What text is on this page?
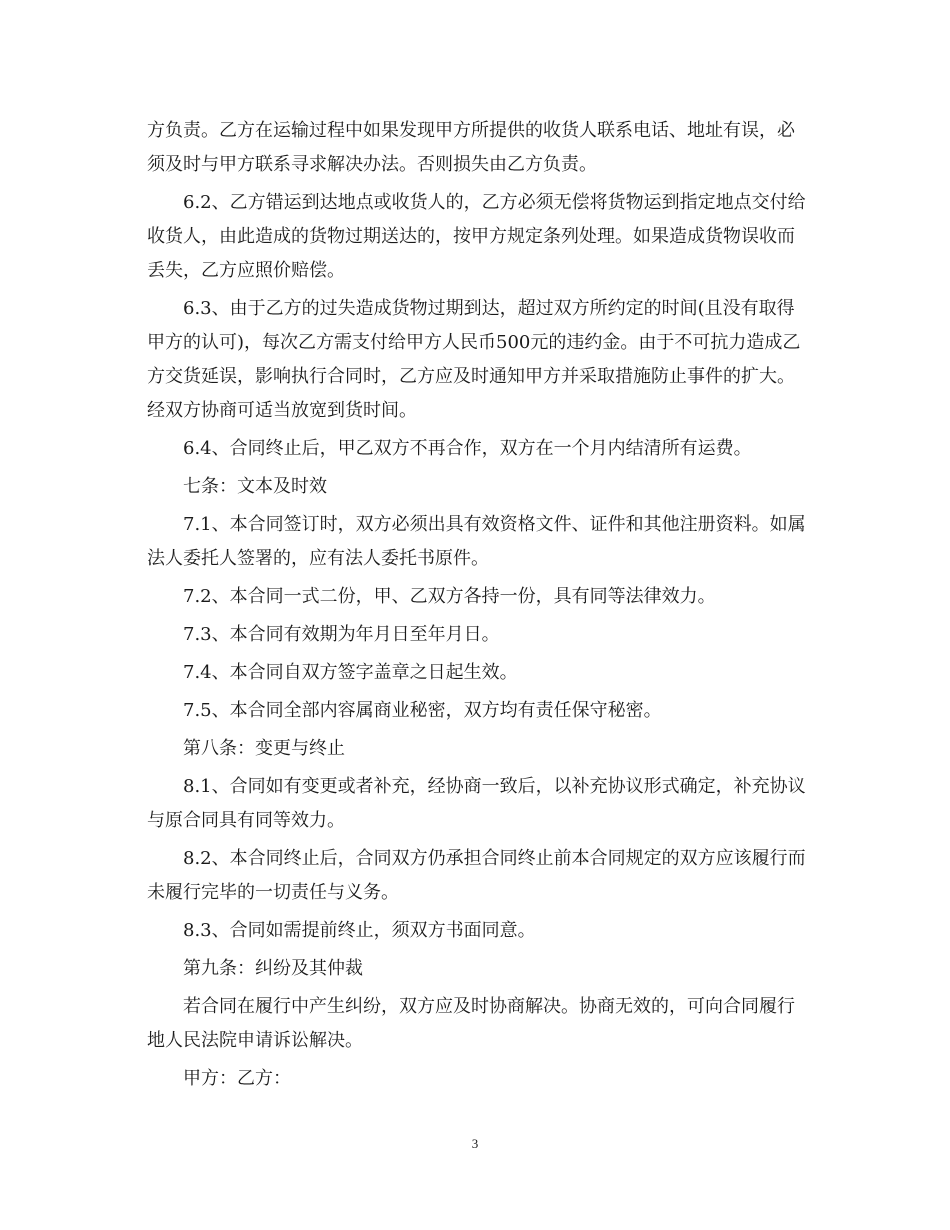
方负责。乙方在运输过程中如果发现甲方所提供的收货人联系电话、地址有误，必须及时与甲方联系寻求解决办法。否则损失由乙方负责。

6.2、乙方错运到达地点或收货人的，乙方必须无偿将货物运到指定地点交付给收货人，由此造成的货物过期送达的，按甲方规定条列处理。如果造成货物误收而丢失，乙方应照价赔偿。

6.3、由于乙方的过失造成货物过期到达，超过双方所约定的时间(且没有取得甲方的认可)，每次乙方需支付给甲方人民币500元的违约金。由于不可抗力造成乙方交货延误，影响执行合同时，乙方应及时通知甲方并采取措施防止事件的扩大。经双方协商可适当放宽到货时间。

6.4、合同终止后，甲乙双方不再合作，双方在一个月内结清所有运费。

七条：文本及时效

7.1、本合同签订时，双方必须出具有效资格文件、证件和其他注册资料。如属法人委托人签署的，应有法人委托书原件。

7.2、本合同一式二份，甲、乙双方各持一份，具有同等法律效力。

7.3、本合同有效期为年月日至年月日。

7.4、本合同自双方签字盖章之日起生效。

7.5、本合同全部内容属商业秘密，双方均有责任保守秘密。

第八条：变更与终止

8.1、合同如有变更或者补充，经协商一致后，以补充协议形式确定，补充协议与原合同具有同等效力。

8.2、本合同终止后，合同双方仍承担合同终止前本合同规定的双方应该履行而未履行完毕的一切责任与义务。

8.3、合同如需提前终止，须双方书面同意。

第九条：纠纷及其仲裁

若合同在履行中产生纠纷，双方应及时协商解决。协商无效的，可向合同履行地人民法院申请诉讼解决。

甲方：乙方：

3
